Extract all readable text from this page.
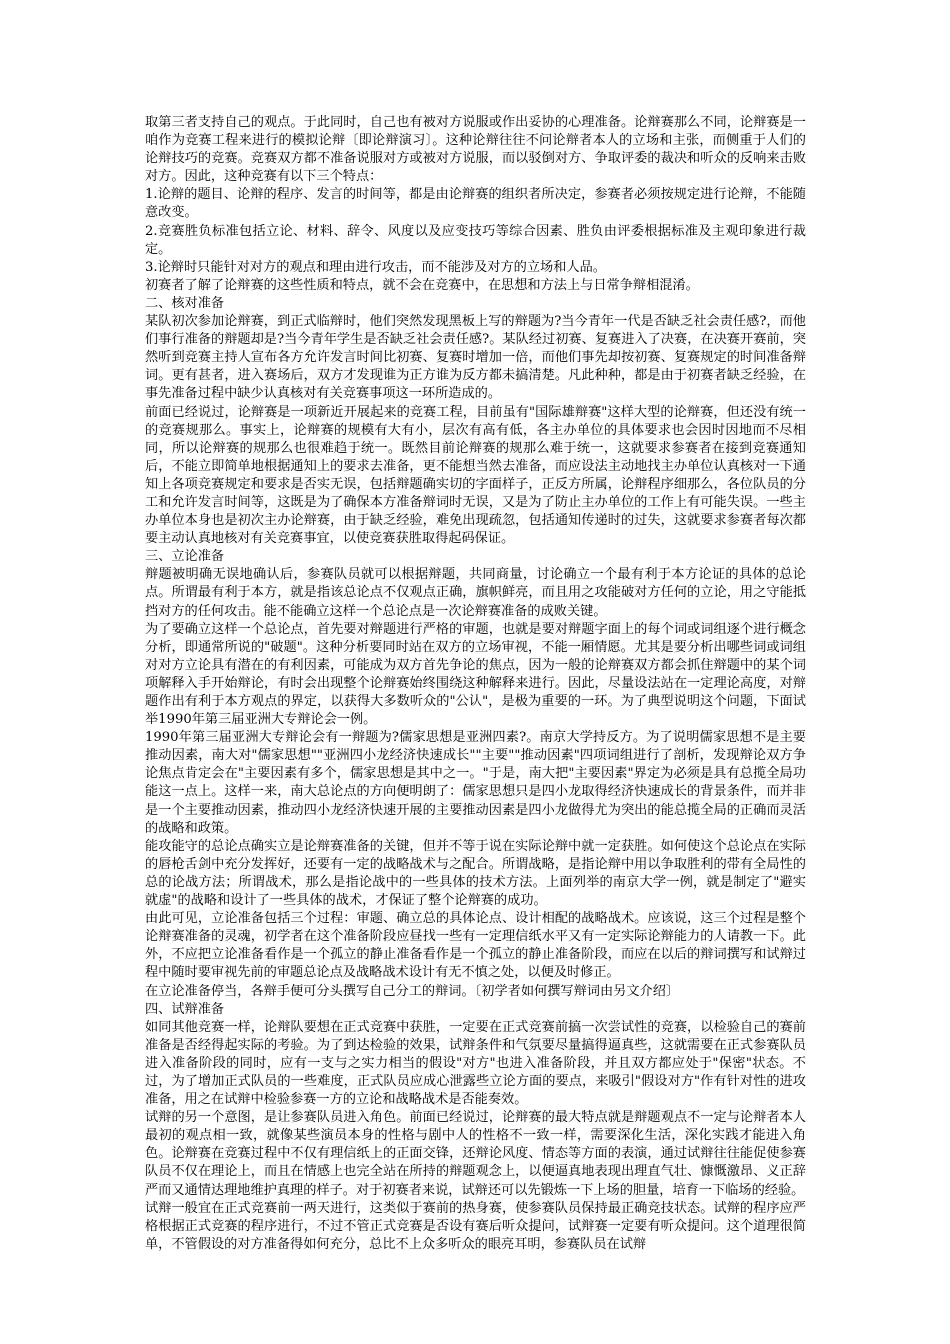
取第三者支持自己的观点。于此同时，自己也有被对方说服或作出妥协的心理准备。论辩赛那么不同，论辩赛是一咱作为竞赛工程来进行的模拟论辩〔即论辩演习〕。这种论辩往往不问论辩者本人的立场和主张，而侧重于人们的论辩技巧的竞赛。竞赛双方都不准备说服对方或被对方说服，而以驳倒对方、争取评委的裁决和听众的反响来击败对方。因此，这种竞赛有以下三个特点：

1.论辩的题目、论辩的程序、发言的时间等，都是由论辩赛的组织者所决定，参赛者必须按规定进行论辩，不能随意改变。

2.竞赛胜负标准包括立论、材料、辞令、风度以及应变技巧等综合因素、胜负由评委根据标准及主观印象进行裁定。

3.论辩时只能针对对方的观点和理由进行攻击，而不能涉及对方的立场和人品。

初赛者了解了论辩赛的这些性质和特点，就不会在竞赛中，在思想和方法上与日常争辩相混淆。

二、核对准备

某队初次参加论辩赛，到正式临辩时，他们突然发现黑板上写的辩题为?当今青年一代是否缺乏社会责任感?，而他们事行准备的辩题却是?当今青年学生是否缺乏社会责任感?。某队经过初赛、复赛进入了决赛，在决赛开赛前，突然听到竞赛主持人宣布各方允许发言时间比初赛、复赛时增加一倍，而他们事先却按初赛、复赛规定的时间准备辩词。更有甚者，进入赛场后，双方才发现谁为正方谁为反方都未搞清楚。凡此种种，都是由于初赛者缺乏经验，在事先准备过程中缺少认真核对有关竞赛事项这一环所造成的。

前面已经说过，论辩赛是一项新近开展起来的竞赛工程，目前虽有"国际雄辩赛"这样大型的论辩赛，但还没有统一的竞赛规那么。事实上，论辩赛的规模有大有小，层次有高有低，各主办单位的具体要求也会因时因地而不尽相同，所以论辩赛的规那么也很难趋于统一。既然目前论辩赛的规那么难于统一，这就要求参赛者在接到竞赛通知后，不能立即简单地根据通知上的要求去准备，更不能想当然去准备，而应设法主动地找主办单位认真核对一下通知上各项竞赛规定和要求是否实无误，包括辩题确实切的字面样子，正反方所属，论辩程序细那么，各位队员的分工和允许发言时间等，这既是为了确保本方准备辩词时无误，又是为了防止主办单位的工作上有可能失误。一些主办单位本身也是初次主办论辩赛，由于缺乏经验，难免出现疏忽，包括通知传递时的过失，这就要求参赛者每次都要主动认真地核对有关竞赛事宜，以使竞赛获胜取得起码保证。

三、立论准备

辩题被明确无误地确认后，参赛队员就可以根据辩题，共同商量，讨论确立一个最有利于本方论证的具体的总论点。所谓最有利于本方，就是指该总论点不仅观点正确，旗帜鲜亮，而且用之攻能破对方任何的立论，用之守能抵挡对方的任何攻击。能不能确立这样一个总论点是一次论辩赛准备的成败关键。

为了要确立这样一个总论点，首先要对辩题进行严格的审题，也就是要对辩题字面上的每个词或词组逐个进行概念分析，即通常所说的"破题"。这种分析要同时站在双方的立场审视，不能一厢情愿。尤其是要分析出哪些词或词组对对方立论具有潜在的有利因素，可能成为双方首先争论的焦点，因为一般的论辩赛双方都会抓住辩题中的某个词项解释入手开始辩论，有时会出现整个论辩赛始终围绕这种解释来进行。因此，尽量设法站在一定理论高度，对辩题作出有利于本方观点的界定，以获得大多数听众的"公认"，是极为重要的一环。为了典型说明这个问题，下面试举1990年第三届亚洲大专辩论会一例。

1990年第三届亚洲大专辩论会有一辩题为?儒家思想是亚洲四素?。南京大学持反方。为了说明儒家思想不是主要推动因素，南大对"儒家思想""亚洲四小龙经济快速成长""主要""推动因素"四项词组进行了剖析，发现辩论双方争论焦点肯定会在"主要因素有多个，儒家思想是其中之一。"于是，南大把"主要因素"界定为必须是具有总揽全局功能这一点上。这样一来，南大总论点的方向便明朗了：儒家思想只是四小龙取得经济快速成长的背景条件，而并非是一个主要推动因素，推动四小龙经济快速开展的主要推动因素是四小龙做得尤为突出的能总揽全局的正确而灵活的战略和政策。

能攻能守的总论点确实立是论辩赛准备的关键，但并不等于说在实际论辩中就一定获胜。如何使这个总论点在实际的唇枪舌剑中充分发挥好，还要有一定的战略战术与之配合。所谓战略，是指论辩中用以争取胜利的带有全局性的总的论战方法；所谓战术，那么是指论战中的一些具体的技术方法。上面列举的南京大学一例，就是制定了"避实就虚"的战略和设计了一些具体的战术，才保证了整个论辩赛的成功。

由此可见，立论准备包括三个过程：审题、确立总的具体论点、设计相配的战略战术。应该说，这三个过程是整个论辩赛准备的灵魂，初学者在这个准备阶段应昼找一些有一定理信纸水平又有一定实际论辩能力的人请教一下。此外，不应把立论准备看作是一个孤立的静止准备看作是一个孤立的静止准备阶段，而应在以后的辩词撰写和试辩过程中随时要审视先前的审题总论点及战略战术设计有无不慎之处，以便及时修正。

在立论准备停当，各辩手便可分头撰写自己分工的辩词。〔初学者如何撰写辩词由另文介绍〕

四、试辩准备

如同其他竞赛一样，论辩队要想在正式竞赛中获胜，一定要在正式竞赛前搞一次尝试性的竞赛，以检验自己的赛前准备是否经得起实际的考验。为了到达检验的效果，试辩条件和气氛要尽量搞得逼真些，这就需要在正式参赛队员进入准备阶段的同时，应有一支与之实力相当的假设"对方"也进入准备阶段，并且双方都应处于"保密"状态。不过，为了增加正式队员的一些难度，正式队员应成心泄露些立论方面的要点，来吸引"假设对方"作有针对性的进攻准备，用之在试辩中检验参赛一方的立论和战略战术是否能奏效。

试辩的另一个意图，是让参赛队员进入角色。前面已经说过，论辩赛的最大特点就是辩题观点不一定与论辩者本人最初的观点相一致，就像某些演员本身的性格与剧中人的性格不一致一样，需要深化生活，深化实践才能进入角色。论辩赛在竞赛过程中不仅有理信纸上的正面交锋，还辩论风度、情态等方面的表演，通过试辩往往能促使参赛队员不仅在理论上，而且在情感上也完全站在所持的辩题观念上，以便逼真地表现出理直气壮、慷慨激昂、义正辞严而又通情达理地维护真理的样子。对于初赛者来说，试辩还可以先锻炼一下上场的胆量，培育一下临场的经验。

试辩一般宜在正式竞赛前一两天进行，这类似于赛前的热身赛，使参赛队员保持最正确竞技状态。试辩的程序应严格根据正式竞赛的程序进行，不过不管正式竞赛是否设有赛后听众提问，试辩赛一定要有听众提问。这个道理很简单，不管假设的对方准备得如何充分，总比不上众多听众的眼亮耳明，参赛队员在试辩
